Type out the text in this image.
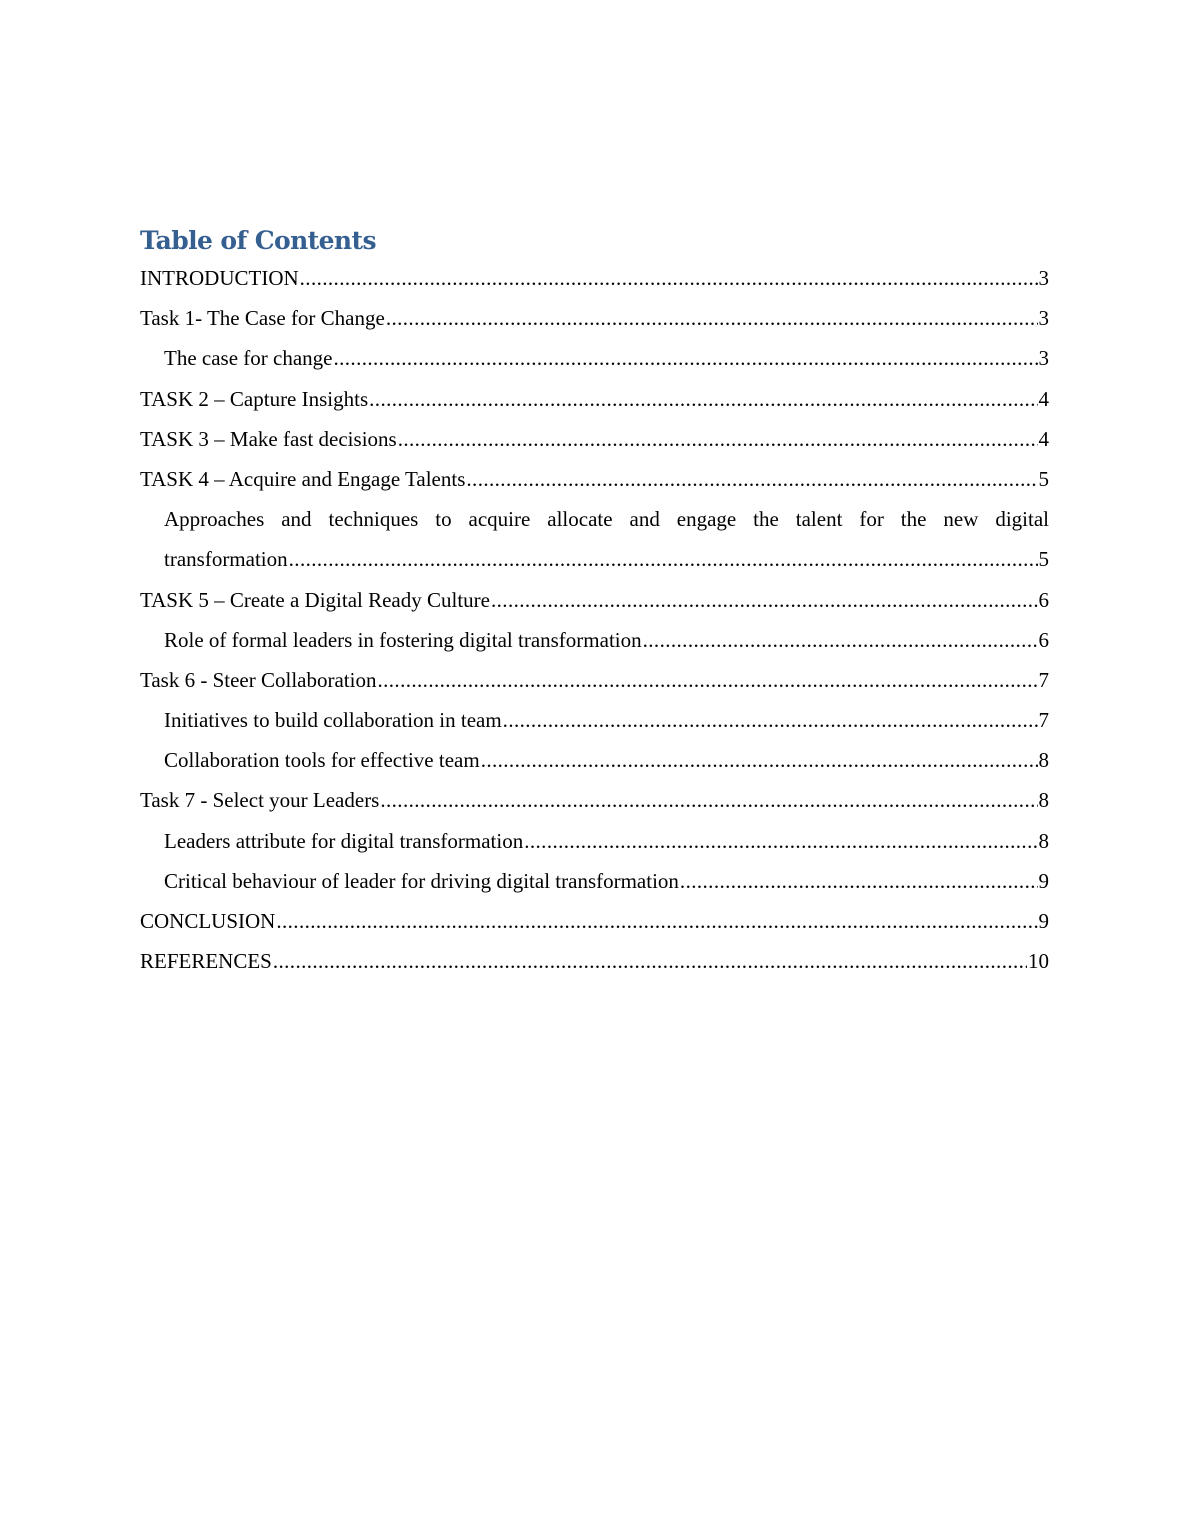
Table of Contents
INTRODUCTION .....	3
Task 1- The Case for Change .....	3
The case for change .....	3
TASK 2 – Capture Insights .....	4
TASK 3 – Make fast decisions .....	4
TASK 4 – Acquire and Engage Talents .....	5
Approaches and techniques to acquire allocate and engage the talent for the new digital
transformation .....	5
TASK 5 – Create a Digital Ready Culture .....	6
Role of formal leaders in fostering digital transformation .....	6
Task 6 - Steer Collaboration .....	7
Initiatives to build collaboration in team .....	7
Collaboration tools for effective team .....	8
Task 7 - Select your Leaders .....	8
Leaders attribute for digital transformation .....	8
Critical behaviour of leader for driving digital transformation .....	9
CONCLUSION .....	9
REFERENCES .....	10
